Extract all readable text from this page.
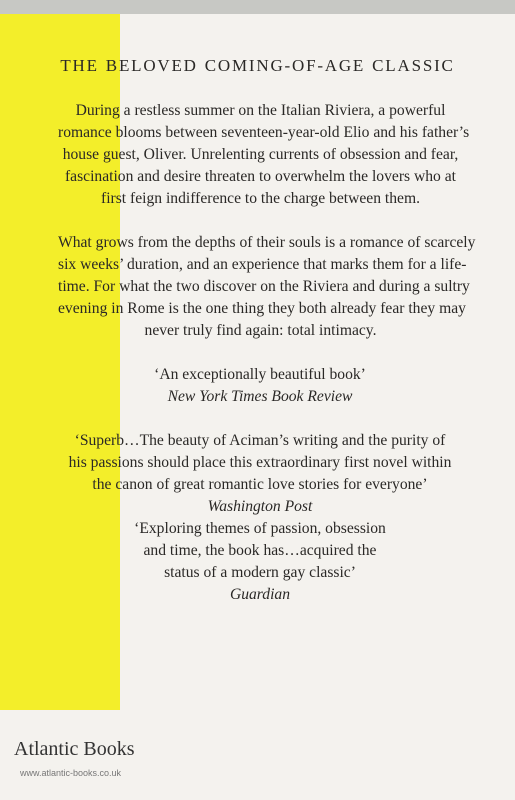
THE BELOVED COMING-OF-AGE CLASSIC

During a restless summer on the Italian Riviera, a powerful
romance blooms between seventeen-year-old Elio and his father’s
house guest, Oliver. Unrelenting currents of obsession and fear,
fascination and desire threaten to overwhelm the lovers who at
first feign indifference to the charge between them.

What grows from the depths of their souls is a romance of scarcely
six weeks’ duration, and an experience that marks them for a life-
time. For what the two discover on the Riviera and during a sultry
evening in Rome is the one thing they both already fear they may
never truly find again: total intimacy.

‘An exceptionally beautiful book’
New York Times Book Review

‘Superb…The beauty of Aciman’s writing and the purity of
his passions should place this extraordinary first novel within
the canon of great romantic love stories for everyone’
Washington Post

‘Exploring themes of passion, obsession
and time, the book has…acquired the
status of a modern gay classic’
Guardian

Atlantic Books
www.atlantic-books.co.uk
